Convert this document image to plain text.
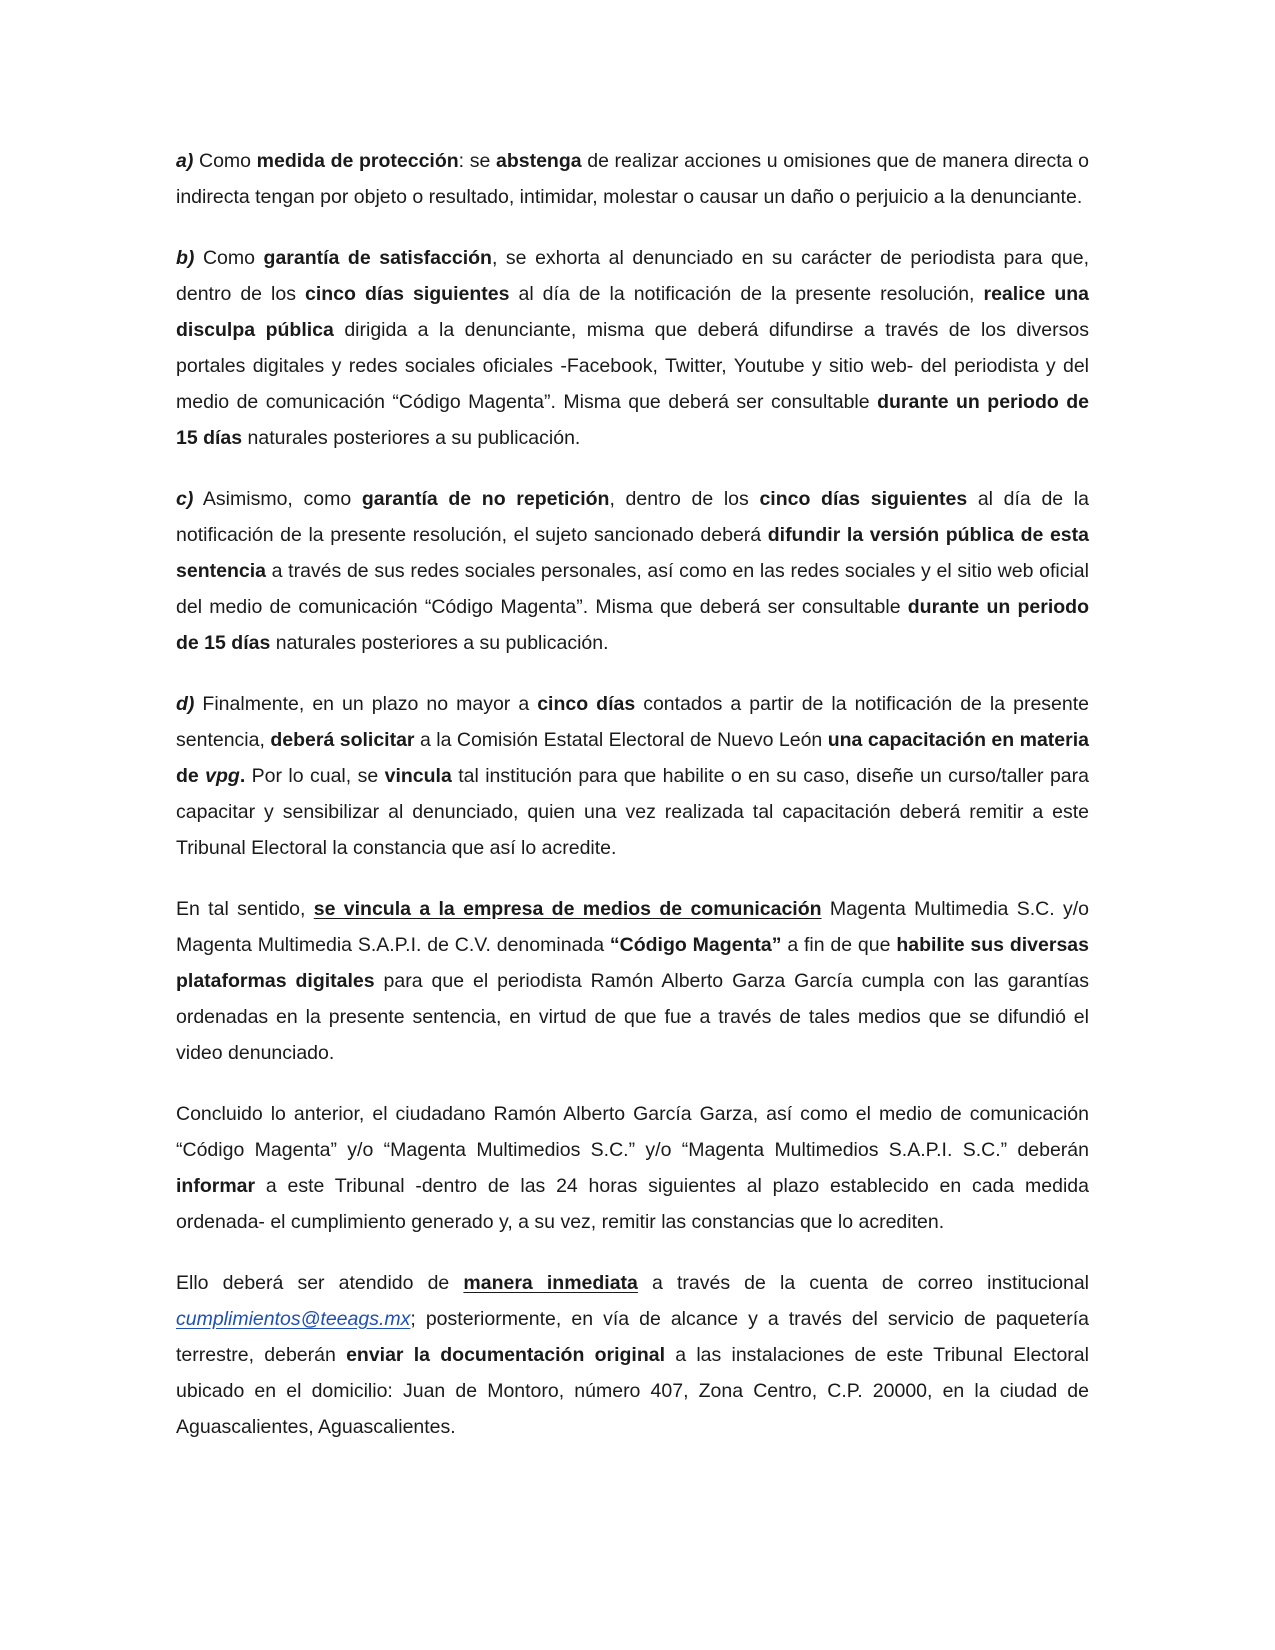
a) Como medida de protección: se abstenga de realizar acciones u omisiones que de manera directa o indirecta tengan por objeto o resultado, intimidar, molestar o causar un daño o perjuicio a la denunciante.

b) Como garantía de satisfacción, se exhorta al denunciado en su carácter de periodista para que, dentro de los cinco días siguientes al día de la notificación de la presente resolución, realice una disculpa pública dirigida a la denunciante, misma que deberá difundirse a través de los diversos portales digitales y redes sociales oficiales -Facebook, Twitter, Youtube y sitio web- del periodista y del medio de comunicación “Código Magenta”. Misma que deberá ser consultable durante un periodo de 15 días naturales posteriores a su publicación.

c) Asimismo, como garantía de no repetición, dentro de los cinco días siguientes al día de la notificación de la presente resolución, el sujeto sancionado deberá difundir la versión pública de esta sentencia a través de sus redes sociales personales, así como en las redes sociales y el sitio web oficial del medio de comunicación “Código Magenta”. Misma que deberá ser consultable durante un periodo de 15 días naturales posteriores a su publicación.

d) Finalmente, en un plazo no mayor a cinco días contados a partir de la notificación de la presente sentencia, deberá solicitar a la Comisión Estatal Electoral de Nuevo León una capacitación en materia de vpg. Por lo cual, se vincula tal institución para que habilite o en su caso, diseñe un curso/taller para capacitar y sensibilizar al denunciado, quien una vez realizada tal capacitación deberá remitir a este Tribunal Electoral la constancia que así lo acredite.

En tal sentido, se vincula a la empresa de medios de comunicación Magenta Multimedia S.C. y/o Magenta Multimedia S.A.P.I. de C.V. denominada “Código Magenta” a fin de que habilite sus diversas plataformas digitales para que el periodista Ramón Alberto Garza García cumpla con las garantías ordenadas en la presente sentencia, en virtud de que fue a través de tales medios que se difundió el video denunciado.

Concluido lo anterior, el ciudadano Ramón Alberto García Garza, así como el medio de comunicación “Código Magenta” y/o “Magenta Multimedios S.C.” y/o “Magenta Multimedios S.A.P.I. S.C.” deberán informar a este Tribunal -dentro de las 24 horas siguientes al plazo establecido en cada medida ordenada- el cumplimiento generado y, a su vez, remitir las constancias que lo acrediten.

Ello deberá ser atendido de manera inmediata a través de la cuenta de correo institucional cumplimientos@teeags.mx; posteriormente, en vía de alcance y a través del servicio de paquetería terrestre, deberán enviar la documentación original a las instalaciones de este Tribunal Electoral ubicado en el domicilio: Juan de Montoro, número 407, Zona Centro, C.P. 20000, en la ciudad de Aguascalientes, Aguascalientes.
